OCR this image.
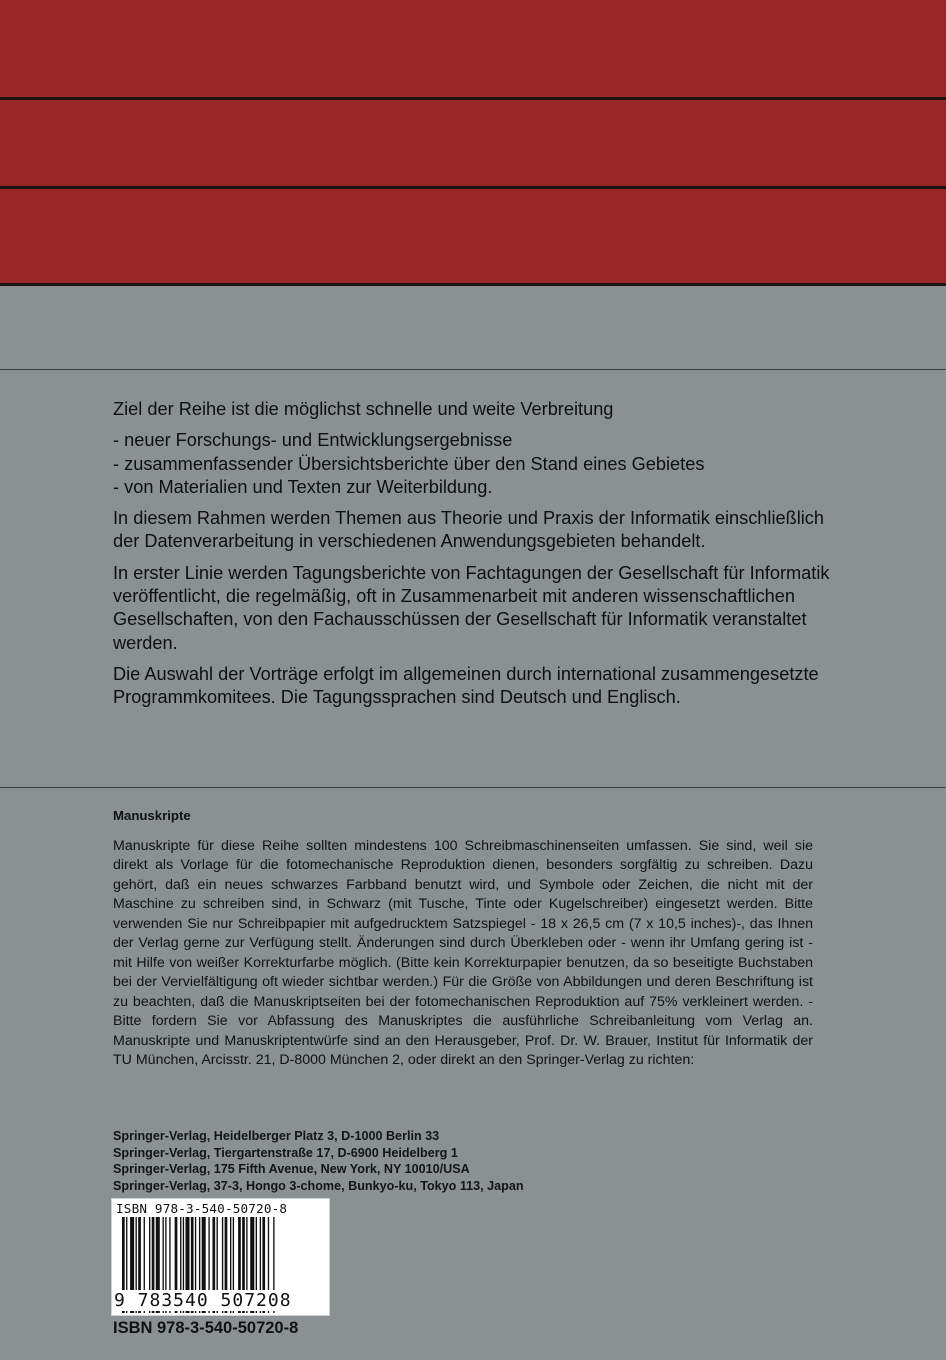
Ziel der Reihe ist die möglichst schnelle und weite Verbreitung

- neuer Forschungs- und Entwicklungsergebnisse
- zusammenfassender Übersichtsberichte über den Stand eines Gebietes
- von Materialien und Texten zur Weiterbildung.

In diesem Rahmen werden Themen aus Theorie und Praxis der Informatik einschließlich der Datenverarbeitung in verschiedenen Anwendungsgebieten behandelt.

In erster Linie werden Tagungsberichte von Fachtagungen der Gesellschaft für Informatik veröffentlicht, die regelmäßig, oft in Zusammenarbeit mit anderen wissenschaftlichen Gesellschaften, von den Fachausschüssen der Gesellschaft für Informatik veranstaltet werden.

Die Auswahl der Vorträge erfolgt im allgemeinen durch international zusammengesetzte Programmkomitees. Die Tagungssprachen sind Deutsch und Englisch.

Manuskripte

Manuskripte für diese Reihe sollten mindestens 100 Schreibmaschinenseiten umfassen. Sie sind, weil sie direkt als Vorlage für die fotomechanische Reproduktion dienen, besonders sorgfältig zu schreiben. Dazu gehört, daß ein neues schwarzes Farbband benutzt wird, und Symbole oder Zeichen, die nicht mit der Maschine zu schreiben sind, in Schwarz (mit Tusche, Tinte oder Kugelschreiber) eingesetzt werden. Bitte verwenden Sie nur Schreibpapier mit aufgedrucktem Satzspiegel - 18 x 26,5 cm (7 x 10,5 inches)-, das Ihnen der Verlag gerne zur Verfügung stellt. Änderungen sind durch Überkleben oder - wenn ihr Umfang gering ist - mit Hilfe von weißer Korrekturfarbe möglich. (Bitte kein Korrekturpapier benutzen, da so beseitigte Buchstaben bei der Vervielfältigung oft wieder sichtbar werden.) Für die Größe von Abbildungen und deren Beschriftung ist zu beachten, daß die Manuskriptseiten bei der fotomechanischen Reproduktion auf 75% verkleinert werden. - Bitte fordern Sie vor Abfassung des Manuskriptes die ausführliche Schreibanleitung vom Verlag an. Manuskripte und Manuskriptentwürfe sind an den Herausgeber, Prof. Dr. W. Brauer, Institut für Informatik der TU München, Arcisstr. 21, D-8000 München 2, oder direkt an den Springer-Verlag zu richten:

Springer-Verlag, Heidelberger Platz 3, D-1000 Berlin 33
Springer-Verlag, Tiergartenstraße 17, D-6900 Heidelberg 1
Springer-Verlag, 175 Fifth Avenue, New York, NY 10010/USA
Springer-Verlag, 37-3, Hongo 3-chome, Bunkyo-ku, Tokyo 113, Japan
ISBN 978-3-540-50720-8
9 783540 507208
ISBN 978-3-540-50720-8
